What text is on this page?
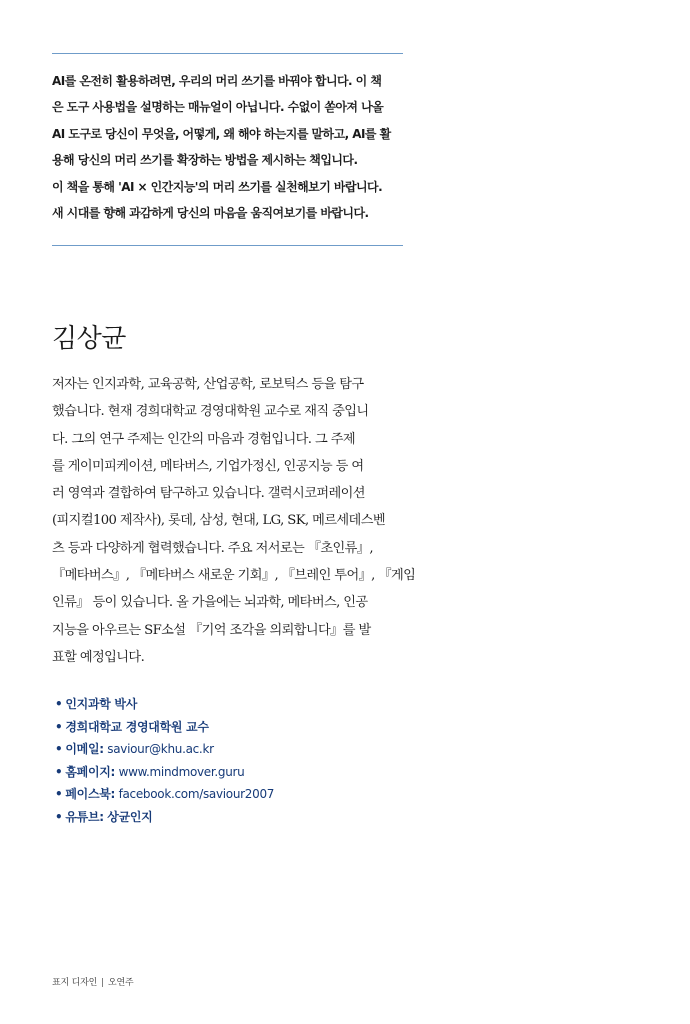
AI를 온전히 활용하려면, 우리의 머리 쓰기를 바꿔야 합니다. 이 책
은 도구 사용법을 설명하는 매뉴얼이 아닙니다. 수없이 쏟아져 나올
AI 도구로 당신이 무엇을, 어떻게, 왜 해야 하는지를 말하고, AI를 활
용해 당신의 머리 쓰기를 확장하는 방법을 제시하는 책입니다.
이 책을 통해 'AI × 인간지능'의 머리 쓰기를 실천해보기 바랍니다.
새 시대를 향해 과감하게 당신의 마음을 움직여보기를 바랍니다.
김상균
저자는 인지과학, 교육공학, 산업공학, 로보틱스 등을 탐구
했습니다. 현재 경희대학교 경영대학원 교수로 재직 중입니
다. 그의 연구 주제는 인간의 마음과 경험입니다. 그 주제
를 게이미피케이션, 메타버스, 기업가정신, 인공지능 등 여
러 영역과 결합하여 탐구하고 있습니다. 갤럭시코퍼레이션
(피지컬100 제작사), 롯데, 삼성, 현대, LG, SK, 메르세데스벤
츠 등과 다양하게 협력했습니다. 주요 저서로는 『초인류』,
『메타버스』, 『메타버스 새로운 기회』, 『브레인 투어』, 『게임
인류』 등이 있습니다. 올 가을에는 뇌과학, 메타버스, 인공
지능을 아우르는 SF소설 『기억 조각을 의뢰합니다』를 발
표할 예정입니다.
• 인지과학 박사
• 경희대학교 경영대학원 교수
• 이메일: saviour@khu.ac.kr
• 홈페이지: www.mindmover.guru
• 페이스북: facebook.com/saviour2007
• 유튜브: 상균인지
표지 디자인 | 오연주
